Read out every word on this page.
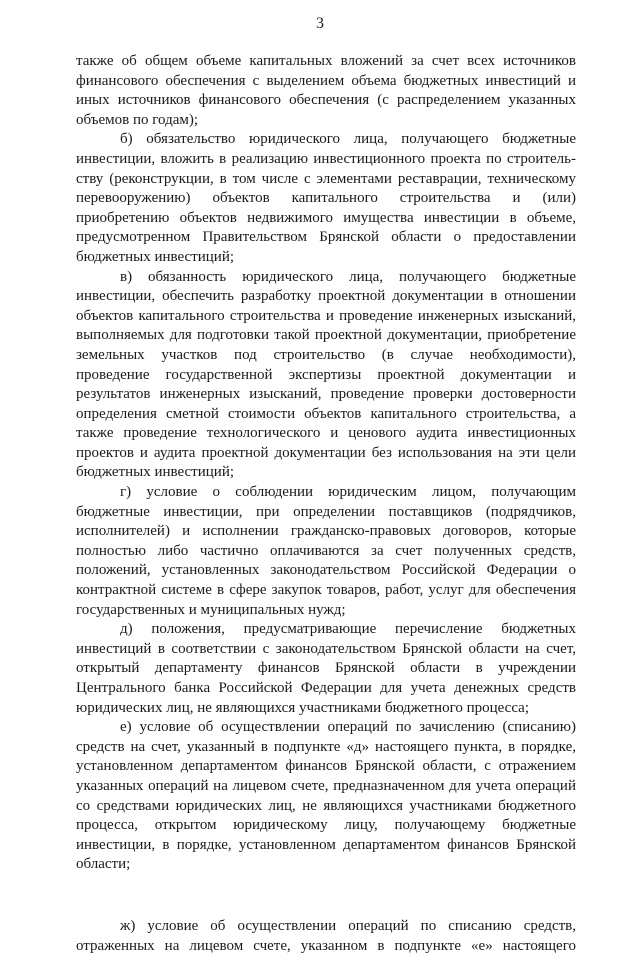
3

также об общем объеме капитальных вложений за счет всех источников
финансового обеспечения с выделением объема бюджетных инвестиций и
иных источников финансового обеспечения (с распределением указанных
объемов по годам);

б) обязательство юридического лица, получающего бюджетные
инвестиции, вложить в реализацию инвестиционного проекта по строитель-
ству (реконструкции, в том числе с элементами реставрации, техническому
перевооружению) объектов капитального строительства и (или)
приобретению объектов недвижимого имущества инвестиции в объеме,
предусмотренном Правительством Брянской области о предоставлении
бюджетных инвестиций;

в) обязанность юридического лица, получающего бюджетные
инвестиции, обеспечить разработку проектной документации в отношении
объектов капитального строительства и проведение инженерных изысканий,
выполняемых для подготовки такой проектной документации, приобретение
земельных участков под строительство (в случае необходимости),
проведение государственной экспертизы проектной документации и
результатов инженерных изысканий, проведение проверки достоверности
определения сметной стоимости объектов капитального строительства, а
также проведение технологического и ценового аудита инвестиционных
проектов и аудита проектной документации без использования на эти цели
бюджетных инвестиций;

г) условие о соблюдении юридическим лицом, получающим
бюджетные инвестиции, при определении поставщиков (подрядчиков,
исполнителей) и исполнении гражданско-правовых договоров, которые
полностью либо частично оплачиваются за счет полученных средств,
положений, установленных законодательством Российской Федерации о
контрактной системе в сфере закупок товаров, работ, услуг для обеспечения
государственных и муниципальных нужд;

д) положения, предусматривающие перечисление бюджетных
инвестиций в соответствии с законодательством Брянской области на счет,
открытый департаменту финансов Брянской области в учреждении
Центрального банка Российской Федерации для учета денежных средств
юридических лиц, не являющихся участниками бюджетного процесса;

е) условие об осуществлении операций по зачислению (списанию)
средств на счет, указанный в подпункте «д» настоящего пункта, в порядке,
установленном департаментом финансов Брянской области, с отражением
указанных операций на лицевом счете, предназначенном для учета операций
со средствами юридических лиц, не являющихся участниками бюджетного
процесса, открытом юридическому лицу, получающему бюджетные
инвестиции, в порядке, установленном департаментом финансов Брянской
области;

ж) условие об осуществлении операций по списанию средств,
отраженных на лицевом счете, указанном в подпункте «е» настоящего
